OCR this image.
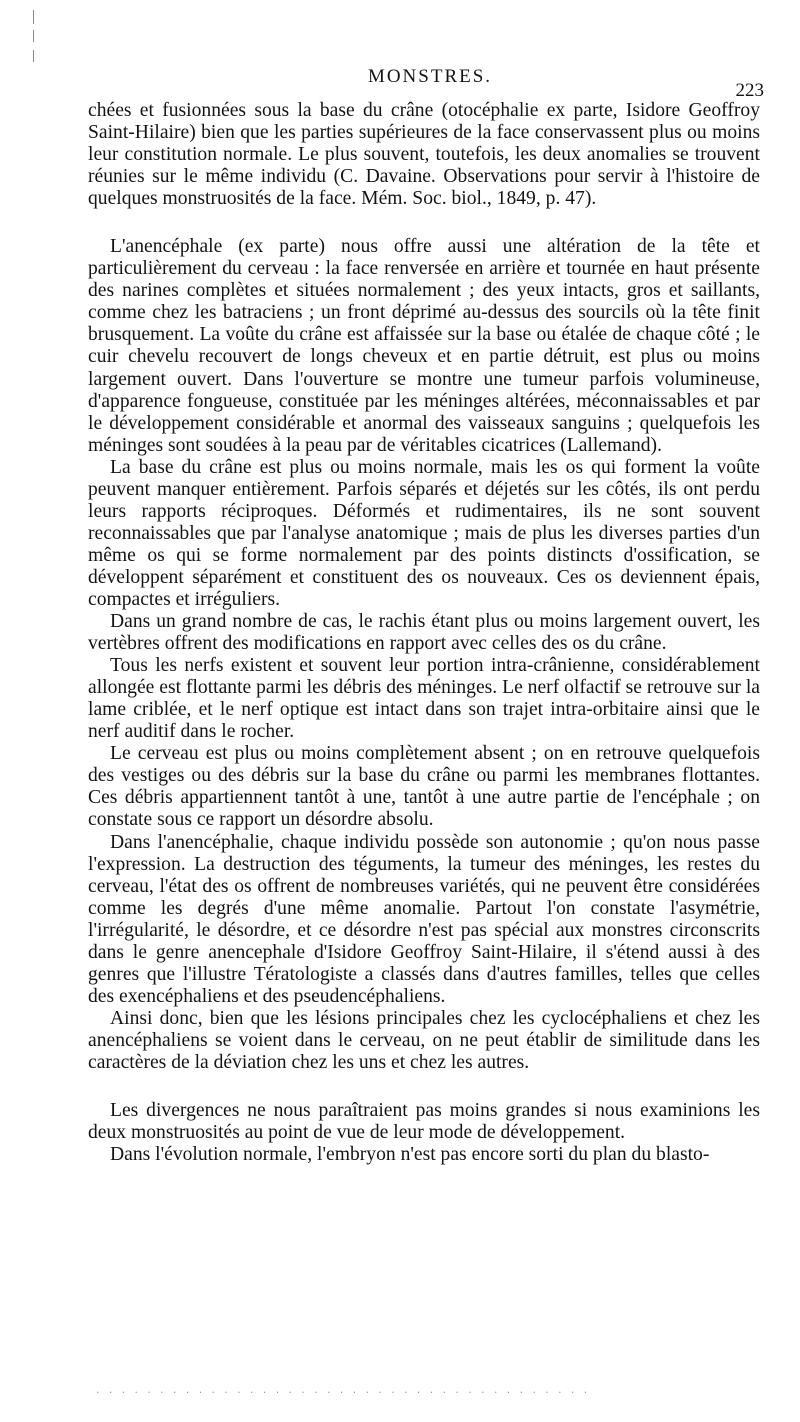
MONSTRES.
223

chées et fusionnées sous la base du crâne (otocéphalie ex parte, Isidore Geoffroy Saint-Hilaire) bien que les parties supérieures de la face conservassent plus ou moins leur constitution normale. Le plus souvent, toutefois, les deux anomalies se trouvent réunies sur le même individu (C. Davaine. Observations pour servir à l'histoire de quelques monstruosités de la face. Mém. Soc. biol., 1849, p. 47).

L'anencéphale (ex parte) nous offre aussi une altération de la tête et particulièrement du cerveau : la face renversée en arrière et tournée en haut présente des narines complètes et situées normalement ; des yeux intacts, gros et saillants, comme chez les batraciens ; un front déprimé au-dessus des sourcils où la tête finit brusquement. La voûte du crâne est affaissée sur la base ou étalée de chaque côté ; le cuir chevelu recouvert de longs cheveux et en partie détruit, est plus ou moins largement ouvert. Dans l'ouverture se montre une tumeur parfois volumineuse, d'apparence fongueuse, constituée par les méninges altérées, méconnaissables et par le développement considérable et anormal des vaisseaux sanguins ; quelquefois les méninges sont soudées à la peau par de véritables cicatrices (Lallemand).

La base du crâne est plus ou moins normale, mais les os qui forment la voûte peuvent manquer entièrement. Parfois séparés et déjetés sur les côtés, ils ont perdu leurs rapports réciproques. Déformés et rudimentaires, ils ne sont souvent reconnaissables que par l'analyse anatomique ; mais de plus les diverses parties d'un même os qui se forme normalement par des points distincts d'ossification, se développent séparément et constituent des os nouveaux. Ces os deviennent épais, compactes et irréguliers.

Dans un grand nombre de cas, le rachis étant plus ou moins largement ouvert, les vertèbres offrent des modifications en rapport avec celles des os du crâne.

Tous les nerfs existent et souvent leur portion intra-crânienne, considérablement allongée est flottante parmi les débris des méninges. Le nerf olfactif se retrouve sur la lame criblée, et le nerf optique est intact dans son trajet intra-orbitaire ainsi que le nerf auditif dans le rocher.

Le cerveau est plus ou moins complètement absent ; on en retrouve quelquefois des vestiges ou des débris sur la base du crâne ou parmi les membranes flottantes. Ces débris appartiennent tantôt à une, tantôt à une autre partie de l'encéphale ; on constate sous ce rapport un désordre absolu.

Dans l'anencéphalie, chaque individu possède son autonomie ; qu'on nous passe l'expression. La destruction des téguments, la tumeur des méninges, les restes du cerveau, l'état des os offrent de nombreuses variétés, qui ne peuvent être considérées comme les degrés d'une même anomalie. Partout l'on constate l'asymétrie, l'irrégularité, le désordre, et ce désordre n'est pas spécial aux monstres circonscrits dans le genre anencephale d'Isidore Geoffroy Saint-Hilaire, il s'étend aussi à des genres que l'illustre Tératologiste a classés dans d'autres familles, telles que celles des exencéphaliens et des pseudencéphaliens.

Ainsi donc, bien que les lésions principales chez les cyclocéphaliens et chez les anencéphaliens se voient dans le cerveau, on ne peut établir de similitude dans les caractères de la déviation chez les uns et chez les autres.

Les divergences ne nous paraîtraient pas moins grandes si nous examinions les deux monstruosités au point de vue de leur mode de développement.

Dans l'évolution normale, l'embryon n'est pas encore sorti du plan du blasto-

. . . . . . . . . . . . . . . . . . . . . . . . . . . . . . . . . . . . . . .
